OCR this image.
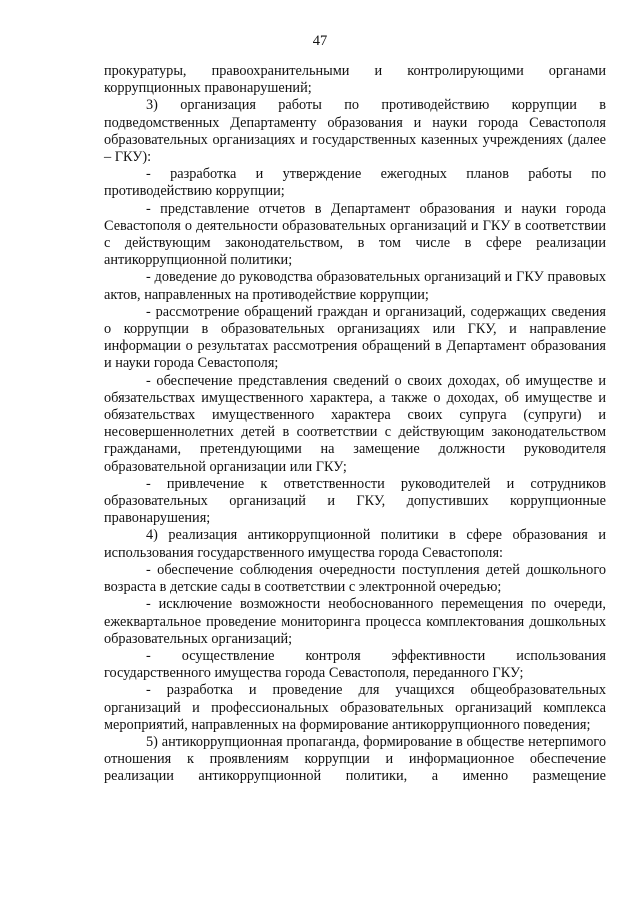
47

прокуратуры, правоохранительными и контролирующими органами коррупционных правонарушений;

3) организация работы по противодействию коррупции в подведомственных Департаменту образования и науки города Севастополя образовательных организациях и государственных казенных учреждениях (далее – ГКУ):

- разработка и утверждение ежегодных планов работы по противодействию коррупции;

- представление отчетов в Департамент образования и науки города Севастополя о деятельности образовательных организаций и ГКУ в соответствии с действующим законодательством, в том числе в сфере реализации антикоррупционной политики;

- доведение до руководства образовательных организаций и ГКУ правовых актов, направленных на противодействие коррупции;

- рассмотрение обращений граждан и организаций, содержащих сведения о коррупции в образовательных организациях или ГКУ, и направление информации о результатах рассмотрения обращений в Департамент образования и науки города Севастополя;

- обеспечение представления сведений о своих доходах, об имуществе и обязательствах имущественного характера, а также о доходах, об имуществе и обязательствах имущественного характера своих супруга (супруги) и несовершеннолетних детей в соответствии с действующим законодательством гражданами, претендующими на замещение должности руководителя образовательной организации или ГКУ;

- привлечение к ответственности руководителей и сотрудников образовательных организаций и ГКУ, допустивших коррупционные правонарушения;

4) реализация антикоррупционной политики в сфере образования и использования государственного имущества города Севастополя:

- обеспечение соблюдения очередности поступления детей дошкольного возраста в детские сады в соответствии с электронной очередью;

- исключение возможности необоснованного перемещения по очереди, ежеквартальное проведение мониторинга процесса комплектования дошкольных образовательных организаций;

- осуществление контроля эффективности использования государственного имущества города Севастополя, переданного ГКУ;

- разработка и проведение для учащихся общеобразовательных организаций и профессиональных образовательных организаций комплекса мероприятий, направленных на формирование антикоррупционного поведения;

5) антикоррупционная пропаганда, формирование в обществе нетерпимого отношения к проявлениям коррупции и информационное обеспечение реализации антикоррупционной политики, а именно размещение
